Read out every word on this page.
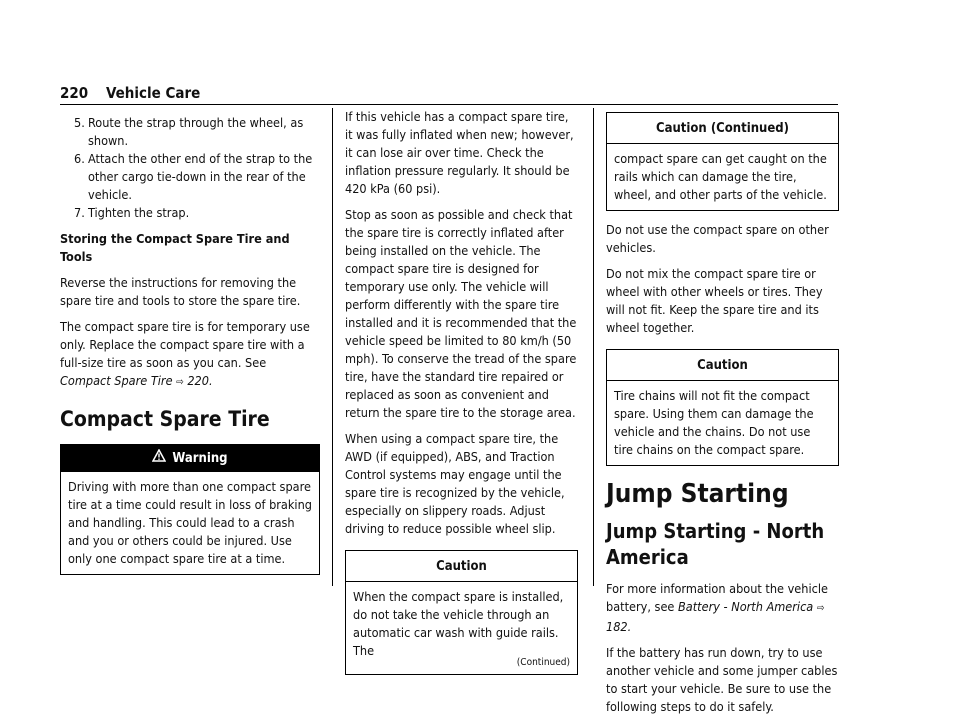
220 Vehicle Care

5. Route the strap through the wheel, as shown.

6. Attach the other end of the strap to the other cargo tie-down in the rear of the vehicle.

7. Tighten the strap.

Storing the Compact Spare Tire and Tools

Reverse the instructions for removing the spare tire and tools to store the spare tire.

The compact spare tire is for temporary use only. Replace the compact spare tire with a full-size tire as soon as you can. See Compact Spare Tire ⇨ 220.

Compact Spare Tire
Warning

Driving with more than one compact spare tire at a time could result in loss of braking and handling. This could lead to a crash and you or others could be injured. Use only one compact spare tire at a time.

If this vehicle has a compact spare tire, it was fully inflated when new; however, it can lose air over time. Check the inflation pressure regularly. It should be 420 kPa (60 psi).

Stop as soon as possible and check that the spare tire is correctly inflated after being installed on the vehicle. The compact spare tire is designed for temporary use only. The vehicle will perform differently with the spare tire installed and it is recommended that the vehicle speed be limited to 80 km/h (50 mph). To conserve the tread of the spare tire, have the standard tire repaired or replaced as soon as convenient and return the spare tire to the storage area.

When using a compact spare tire, the AWD (if equipped), ABS, and Traction Control systems may engage until the spare tire is recognized by the vehicle, especially on slippery roads. Adjust driving to reduce possible wheel slip.

Caution

When the compact spare is installed, do not take the vehicle through an automatic car wash with guide rails. The

(Continued)
Caution (Continued)

compact spare can get caught on the rails which can damage the tire, wheel, and other parts of the vehicle.

Do not use the compact spare on other vehicles.

Do not mix the compact spare tire or wheel with other wheels or tires. They will not fit. Keep the spare tire and its wheel together.

Caution

Tire chains will not fit the compact spare. Using them can damage the vehicle and the chains. Do not use tire chains on the compact spare.

Jump Starting
Jump Starting - North America

For more information about the vehicle battery, see Battery - North America ⇨ 182.

If the battery has run down, try to use another vehicle and some jumper cables to start your vehicle. Be sure to use the following steps to do it safely.
